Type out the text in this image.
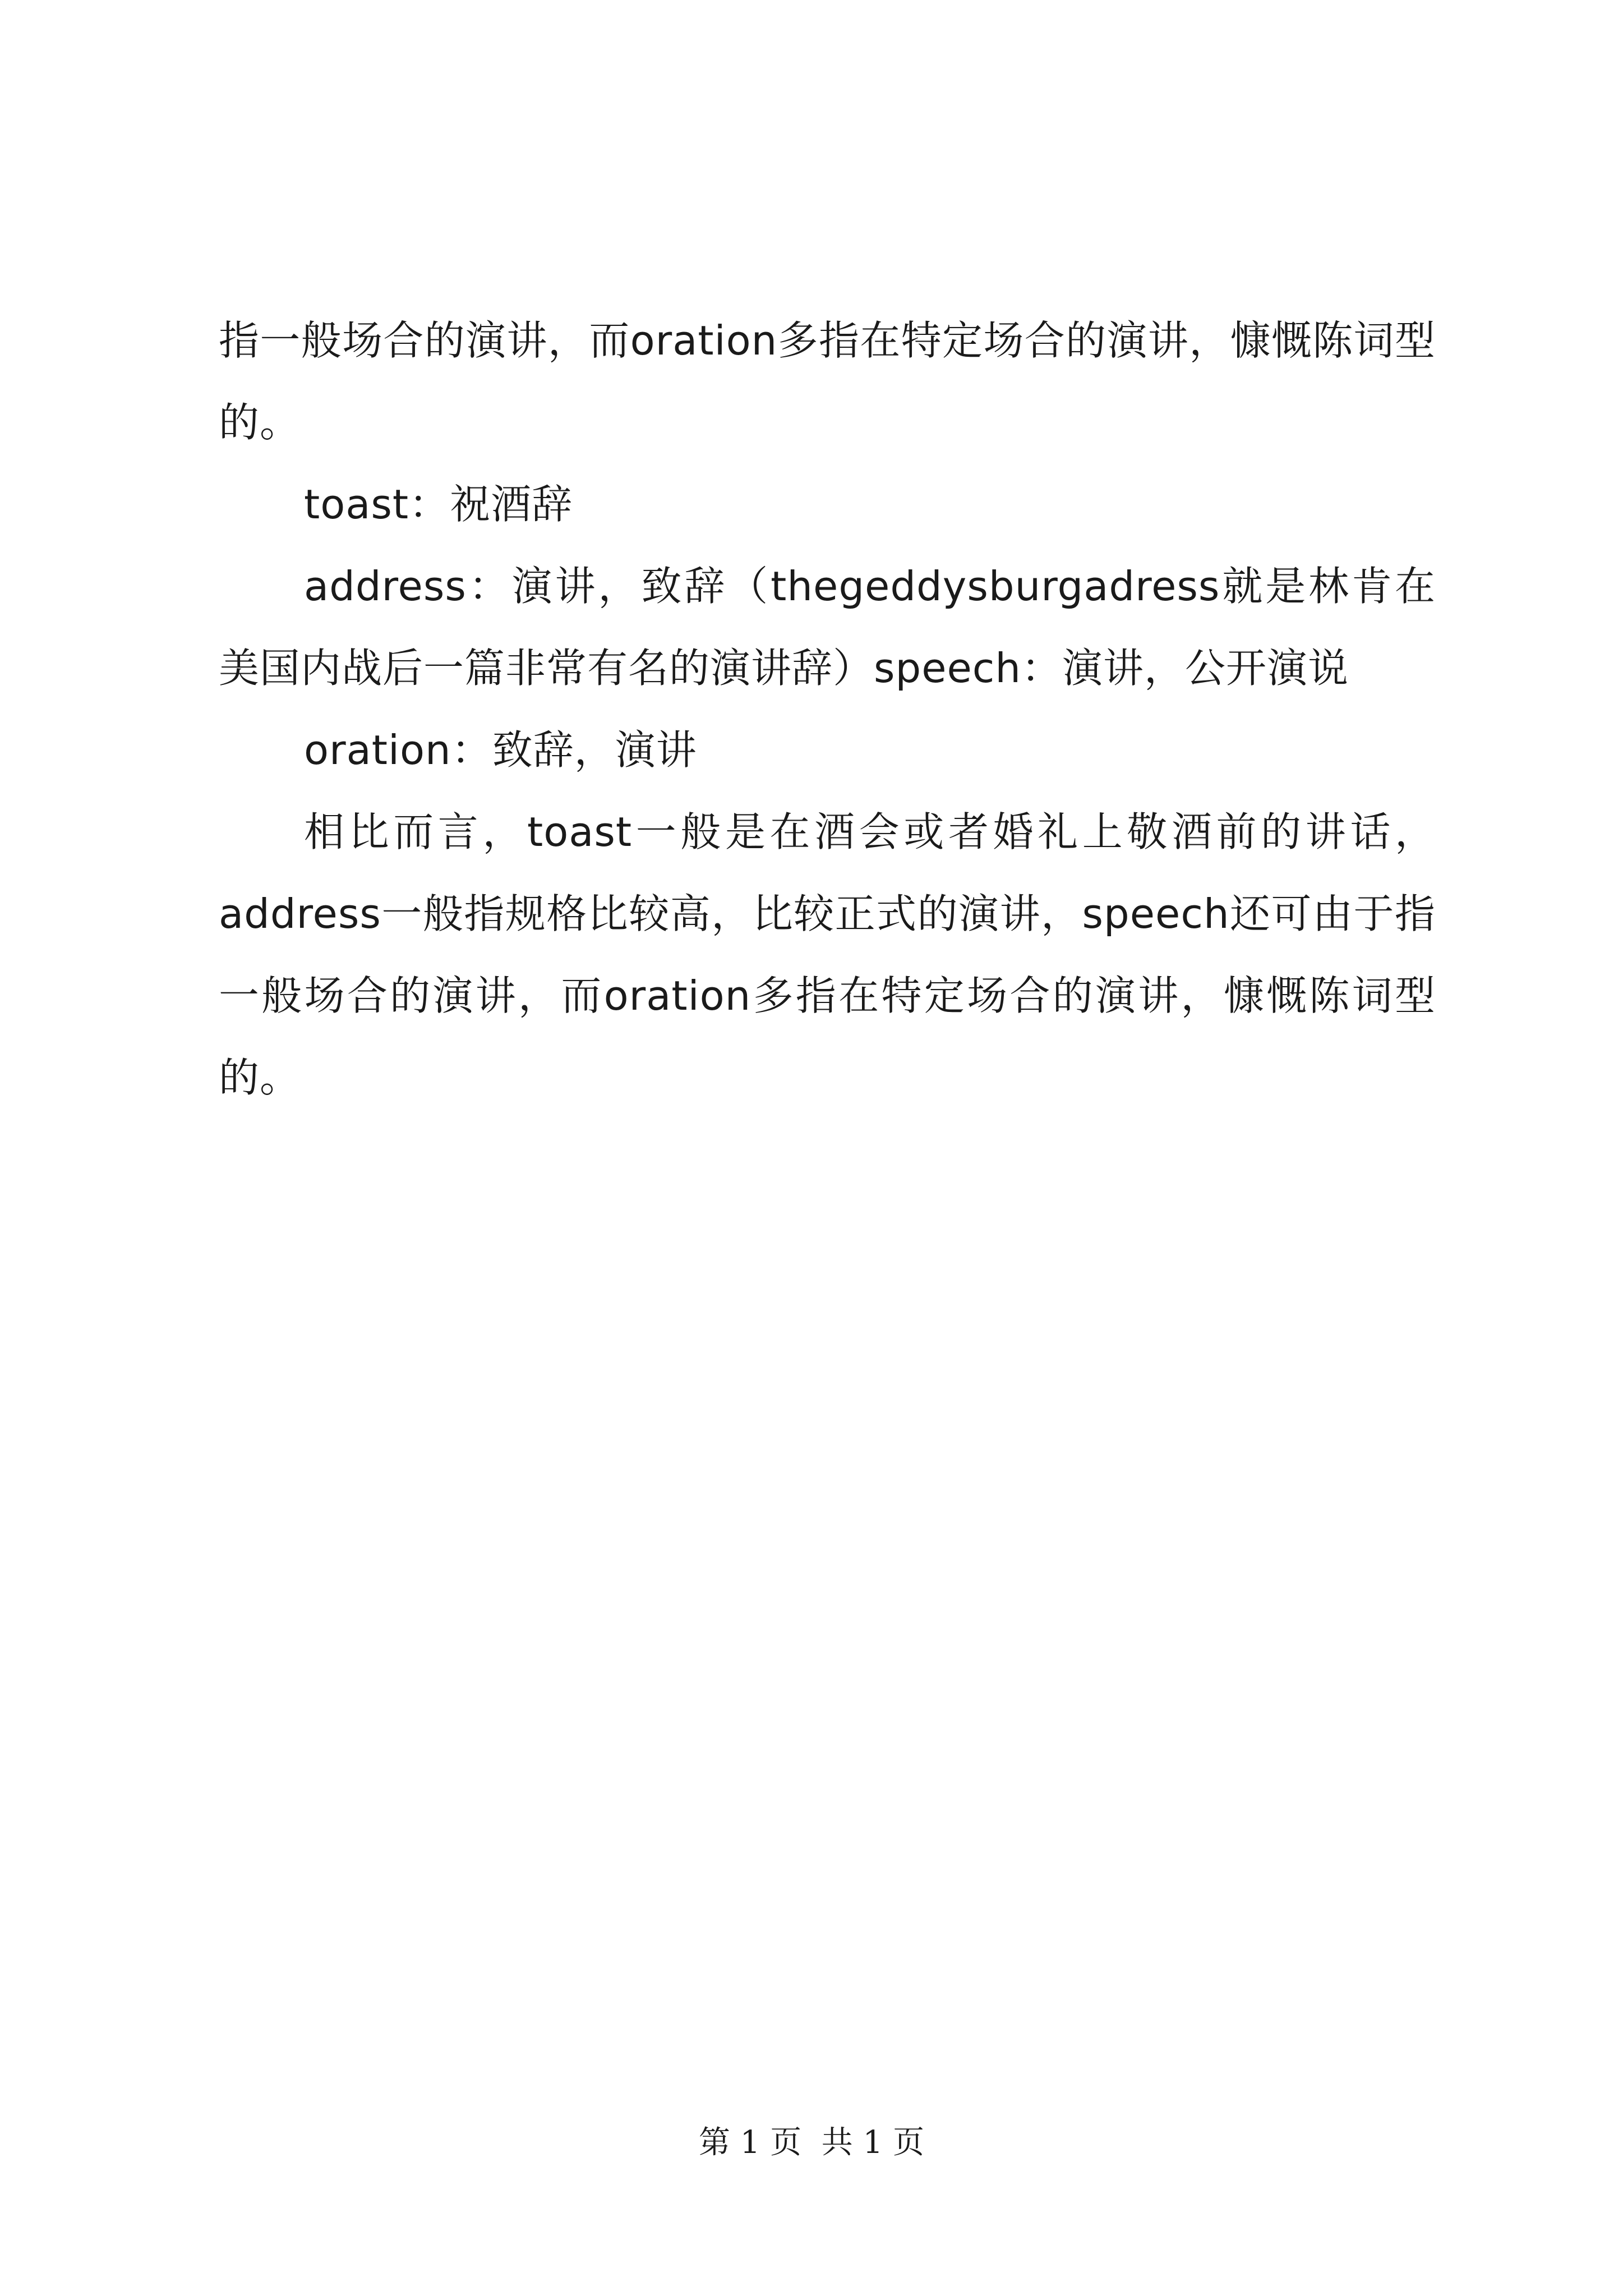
指一般场合的演讲，而oration多指在特定场合的演讲，慷慨陈词型的。

toast：祝酒辞

address：演讲，致辞（thegeddysburgadress就是林肯在美国内战后一篇非常有名的演讲辞）speech：演讲，公开演说

oration：致辞，演讲

相比而言，toast一般是在酒会或者婚礼上敬酒前的讲话，address一般指规格比较高，比较正式的演讲，speech还可由于指一般场合的演讲，而oration多指在特定场合的演讲，慷慨陈词型的。

第 1 页 共 1 页
